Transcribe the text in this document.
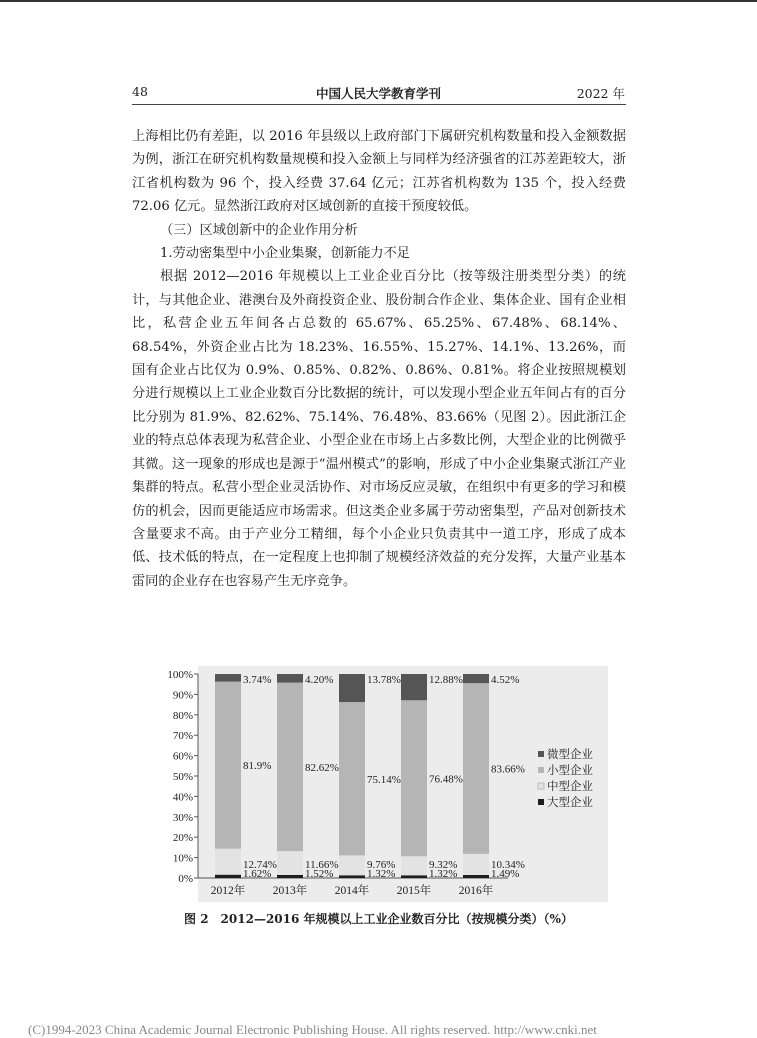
48	中国人民大学教育学刊	2022 年

上海相比仍有差距，以 2016 年县级以上政府部门下属研究机构数量和投入金额数据为例，浙江在研究机构数量规模和投入金额上与同样为经济强省的江苏差距较大，浙江省机构数为 96 个，投入经费 37.64 亿元；江苏省机构数为 135 个，投入经费 72.06 亿元。显然浙江政府对区域创新的直接干预度较低。

（三）区域创新中的企业作用分析

1.劳动密集型中小企业集聚，创新能力不足

根据 2012—2016 年规模以上工业企业百分比（按等级注册类型分类）的统计，与其他企业、港澳台及外商投资企业、股份制合作企业、集体企业、国有企业相比，私营企业五年间各占总数的 65.67%、65.25%、67.48%、68.14%、68.54%，外资企业占比为 18.23%、16.55%、15.27%、14.1%、13.26%，而国有企业占比仅为 0.9%、0.85%、0.82%、0.86%、0.81%。将企业按照规模划分进行规模以上工业企业数百分比数据的统计，可以发现小型企业五年间占有的百分比分别为 81.9%、82.62%、75.14%、76.48%、83.66%（见图 2）。因此浙江企业的特点总体表现为私营企业、小型企业在市场上占多数比例，大型企业的比例微乎其微。这一现象的形成也是源于“温州模式”的影响，形成了中小企业集聚式浙江产业集群的特点。私营小型企业灵活协作、对市场反应灵敏，在组织中有更多的学习和模仿的机会，因而更能适应市场需求。但这类企业多属于劳动密集型，产品对创新技术含量要求不高。由于产业分工精细，每个小企业只负责其中一道工序，形成了成本低、技术低的特点，在一定程度上也抑制了规模经济效益的充分发挥，大量产业基本雷同的企业存在也容易产生无序竞争。

0%
10%
20%
30%
40%
50%
60%
70%
80%
90%
100%
1.62%
12.74%
81.9%
3.74%
2012年
1.52%
11.66%
82.62%
4.20%
2013年
1.32%
9.76%
75.14%
13.78%
2014年
1.32%
9.32%
76.48%
12.88%
2015年
1.49%
10.34%
83.66%
4.52%
2016年
微型企业
小型企业
中型企业
大型企业
图 2　2012—2016 年规模以上工业企业数百分比（按规模分类）（%）
(C)1994-2023 China Academic Journal Electronic Publishing House. All rights reserved. http://www.cnki.net
